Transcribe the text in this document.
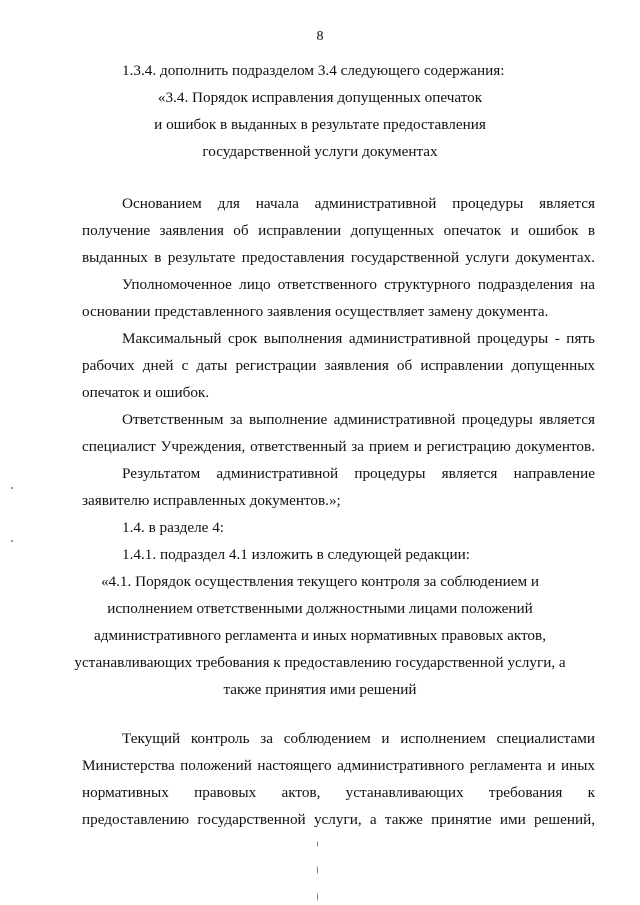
8
1.3.4. дополнить подразделом 3.4 следующего содержания:
«3.4. Порядок исправления допущенных опечаток
и ошибок в выданных в результате предоставления
государственной услуги документах
Основанием для начала административной процедуры является
получение заявления об исправлении допущенных опечаток и ошибок в
выданных в результате предоставления государственной услуги документах.
Уполномоченное лицо ответственного структурного подразделения на
основании представленного заявления осуществляет замену документа.
Максимальный срок выполнения административной процедуры - пять
рабочих дней с даты регистрации заявления об исправлении допущенных
опечаток и ошибок.
Ответственным за выполнение административной процедуры является
специалист Учреждения, ответственный за прием и регистрацию документов.
Результатом административной процедуры является направление
заявителю исправленных документов.»;
1.4. в разделе 4:
1.4.1. подраздел 4.1 изложить в следующей редакции:
«4.1. Порядок осуществления текущего контроля за соблюдением и
исполнением ответственными должностными лицами положений
административного регламента и иных нормативных правовых актов,
устанавливающих требования к предоставлению государственной услуги, а
также принятия ими решений
Текущий контроль за соблюдением и исполнением специалистами
Министерства положений настоящего административного регламента и иных
нормативных правовых актов, устанавливающих требования к
предоставлению государственной услуги, а также принятие ими решений,
